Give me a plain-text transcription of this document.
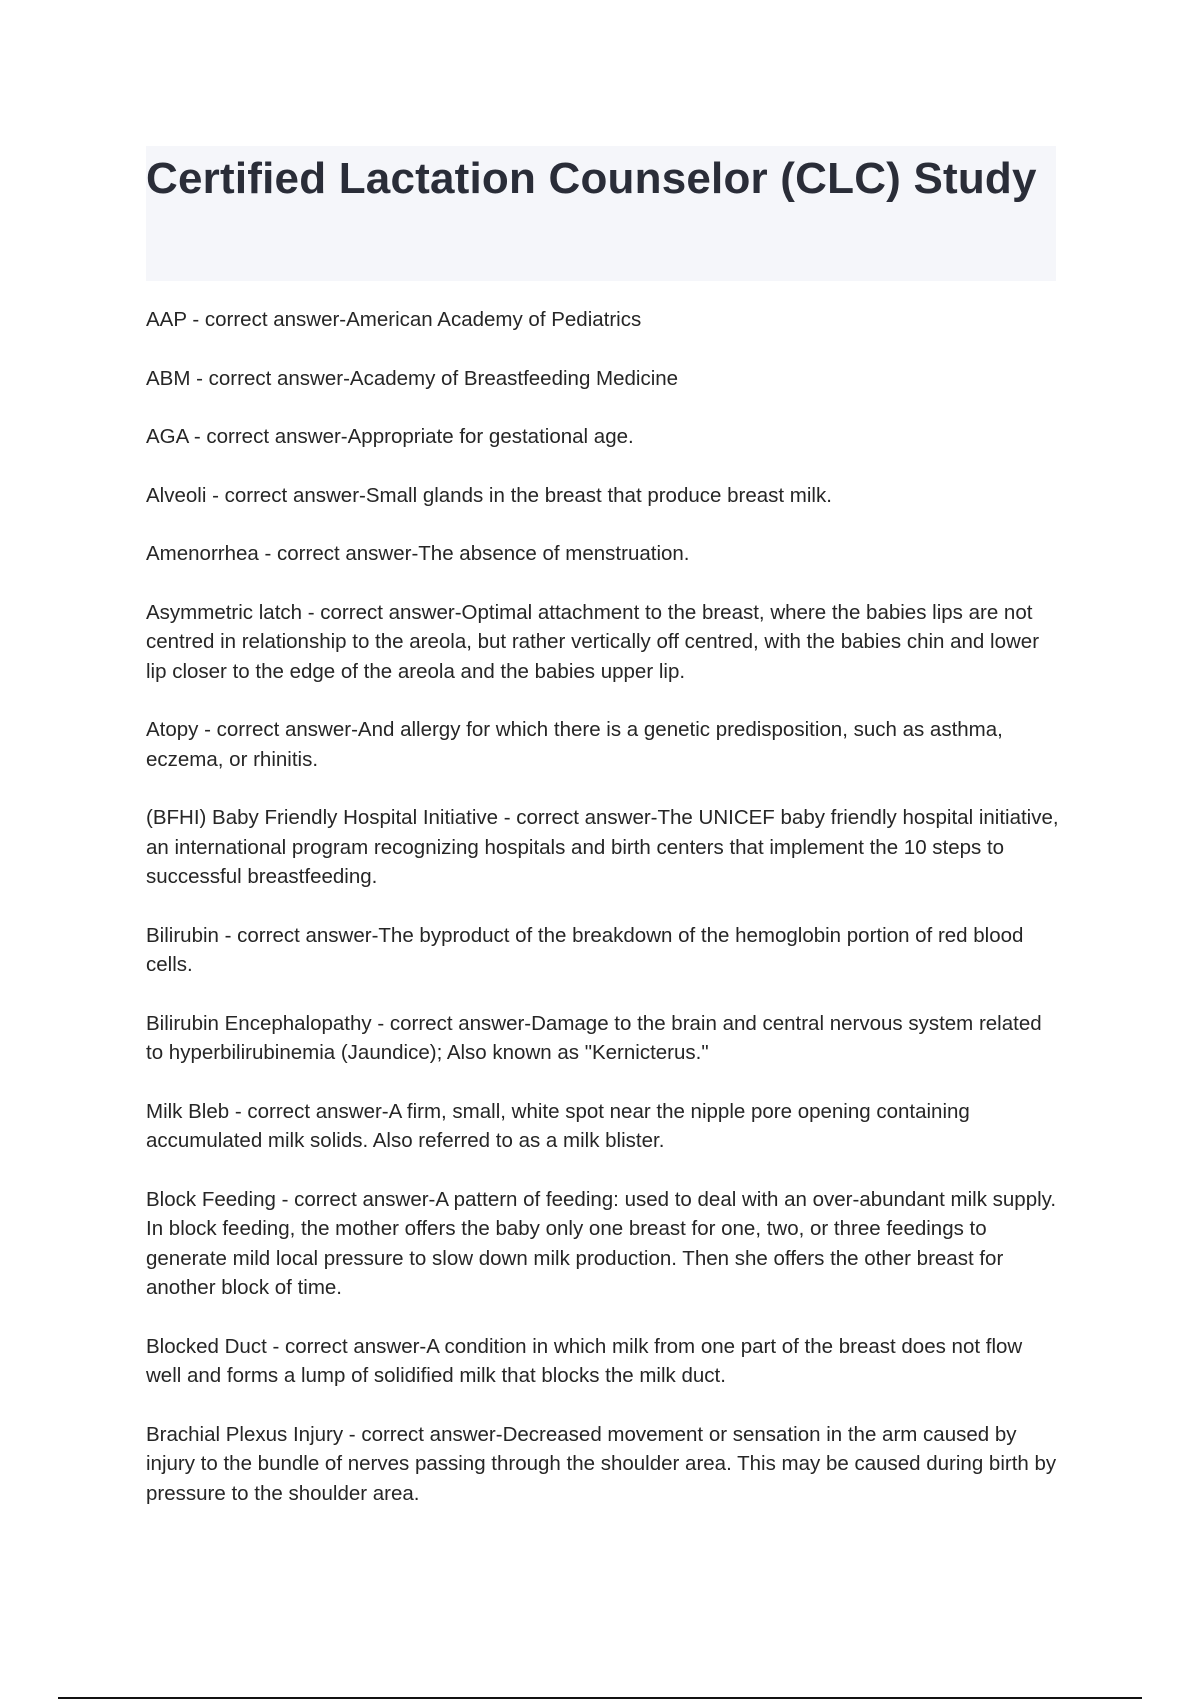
Certified Lactation Counselor (CLC) Study

AAP - correct answer-American Academy of Pediatrics

ABM - correct answer-Academy of Breastfeeding Medicine

AGA - correct answer-Appropriate for gestational age.

Alveoli - correct answer-Small glands in the breast that produce breast milk.

Amenorrhea - correct answer-The absence of menstruation.

Asymmetric latch - correct answer-Optimal attachment to the breast, where the babies lips are not centred in relationship to the areola, but rather vertically off centred, with the babies chin and lower lip closer to the edge of the areola and the babies upper lip.

Atopy - correct answer-And allergy for which there is a genetic predisposition, such as asthma, eczema, or rhinitis.

(BFHI) Baby Friendly Hospital Initiative - correct answer-The UNICEF baby friendly hospital initiative, an international program recognizing hospitals and birth centers that implement the 10 steps to successful breastfeeding.

Bilirubin - correct answer-The byproduct of the breakdown of the hemoglobin portion of red blood cells.

Bilirubin Encephalopathy - correct answer-Damage to the brain and central nervous system related to hyperbilirubinemia (Jaundice); Also known as "Kernicterus."

Milk Bleb - correct answer-A firm, small, white spot near the nipple pore opening containing accumulated milk solids. Also referred to as a milk blister.

Block Feeding - correct answer-A pattern of feeding: used to deal with an over-abundant milk supply. In block feeding, the mother offers the baby only one breast for one, two, or three feedings to generate mild local pressure to slow down milk production. Then she offers the other breast for another block of time.

Blocked Duct - correct answer-A condition in which milk from one part of the breast does not flow well and forms a lump of solidified milk that blocks the milk duct.

Brachial Plexus Injury - correct answer-Decreased movement or sensation in the arm caused by injury to the bundle of nerves passing through the shoulder area. This may be caused during birth by pressure to the shoulder area.
